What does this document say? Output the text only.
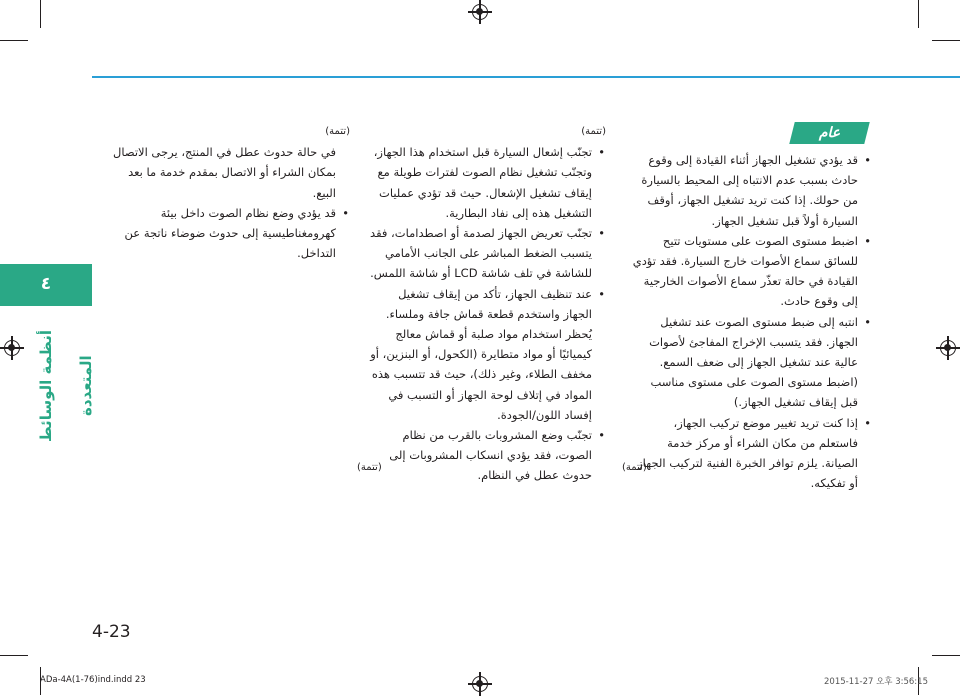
٤
أنظمة الوسائط المتعددة
عام
• قد يؤدي تشغيل الجهاز أثناء القيادة إلى وقوع حادث بسبب عدم الانتباه إلى المحيط بالسيارة من حولك. إذا كنت تريد تشغيل الجهاز، أوقف السيارة أولاً قبل تشغيل الجهاز.
• اضبط مستوى الصوت على مستويات تتيح للسائق سماع الأصوات خارج السيارة. فقد تؤدي القيادة في حالة تعذّر سماع الأصوات الخارجية إلى وقوع حادث.
• انتبه إلى ضبط مستوى الصوت عند تشغيل الجهاز. فقد يتسبب الإخراج المفاجئ لأصوات عالية عند تشغيل الجهاز إلى ضعف السمع. (اضبط مستوى الصوت على مستوى مناسب قبل إيقاف تشغيل الجهاز.)
• إذا كنت تريد تغيير موضع تركيب الجهاز، فاستعلم من مكان الشراء أو مركز خدمة الصيانة. يلزم توافر الخبرة الفنية لتركيب الجهاز أو تفكيكه.
(تتمة)
(تتمة)
• تجنّب إشعال السيارة قبل استخدام هذا الجهاز، وتجنّب تشغيل نظام الصوت لفترات طويلة مع إيقاف تشغيل الإشعال. حيث قد تؤدي عمليات التشغيل هذه إلى نفاد البطارية.
• تجنّب تعريض الجهاز لصدمة أو اصطدامات، فقد يتسبب الضغط المباشر على الجانب الأمامي للشاشة في تلف شاشة LCD أو شاشة اللمس.
• عند تنظيف الجهاز، تأكد من إيقاف تشغيل الجهاز واستخدم قطعة قماش جافة وملساء. يُحظر استخدام مواد صلبة أو قماش معالج كيميائيًا أو مواد متطايرة (الكحول، أو البنزين، أو مخفف الطلاء، وغير ذلك)، حيث قد تتسبب هذه المواد في إتلاف لوحة الجهاز أو التسبب في إفساد اللون/الجودة.
• تجنّب وضع المشروبات بالقرب من نظام الصوت، فقد يؤدي انسكاب المشروبات إلى حدوث عطل في النظام.
(تتمة)
(تتمة)

في حالة حدوث عطل في المنتج، يرجى الاتصال بمكان الشراء أو الاتصال بمقدم خدمة ما بعد البيع.

• قد يؤدي وضع نظام الصوت داخل بيئة كهرومغناطيسية إلى حدوث ضوضاء ناتجة عن التداخل.
4-23
ADa-4A(1-76)ind.indd 23	2015-11-27 오후 3:56:15
